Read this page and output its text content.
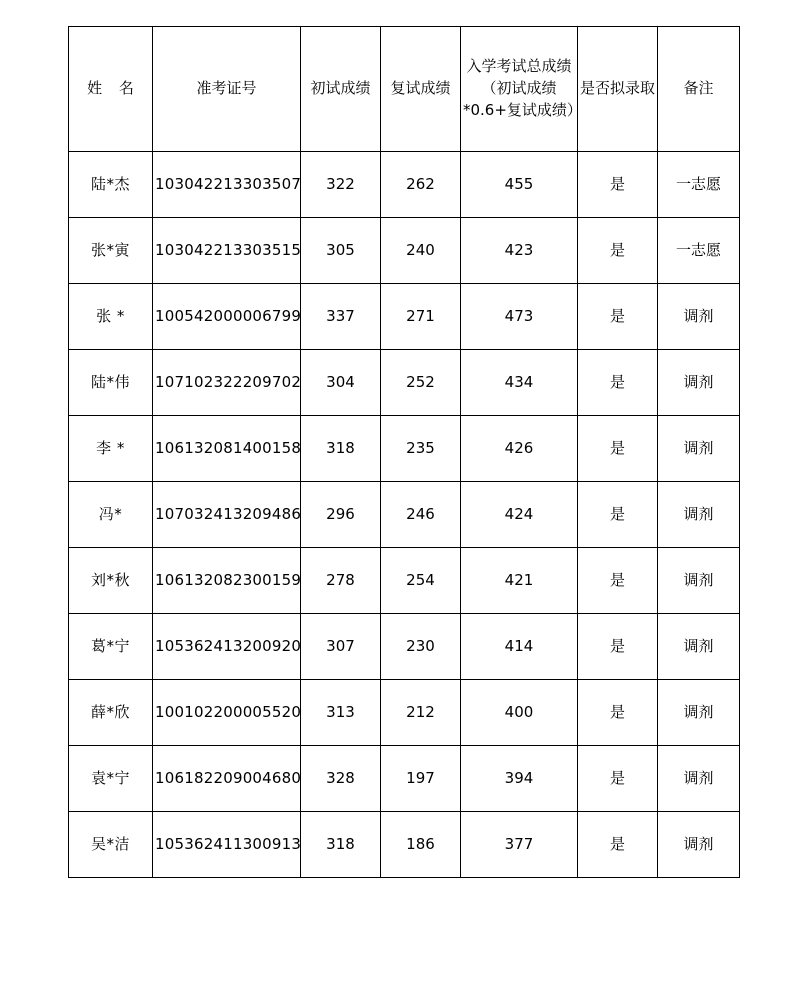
姓 名	准考证号	初试成绩	复试成绩	入学考试总成绩（初试成绩*0.6+复试成绩）	是否拟录取	备注

陆*杰	103042213303507	322	262	455	是	一志愿
张*寅	103042213303515	305	240	423	是	一志愿
张 *	100542000006799	337	271	473	是	调剂
陆*伟	107102322209702	304	252	434	是	调剂
李 *	106132081400158	318	235	426	是	调剂
冯*	107032413209486	296	246	424	是	调剂
刘*秋	106132082300159	278	254	421	是	调剂
葛*宁	105362413200920	307	230	414	是	调剂
薛*欣	100102200005520	313	212	400	是	调剂
袁*宁	106182209004680	328	197	394	是	调剂
吴*洁	105362411300913	318	186	377	是	调剂
